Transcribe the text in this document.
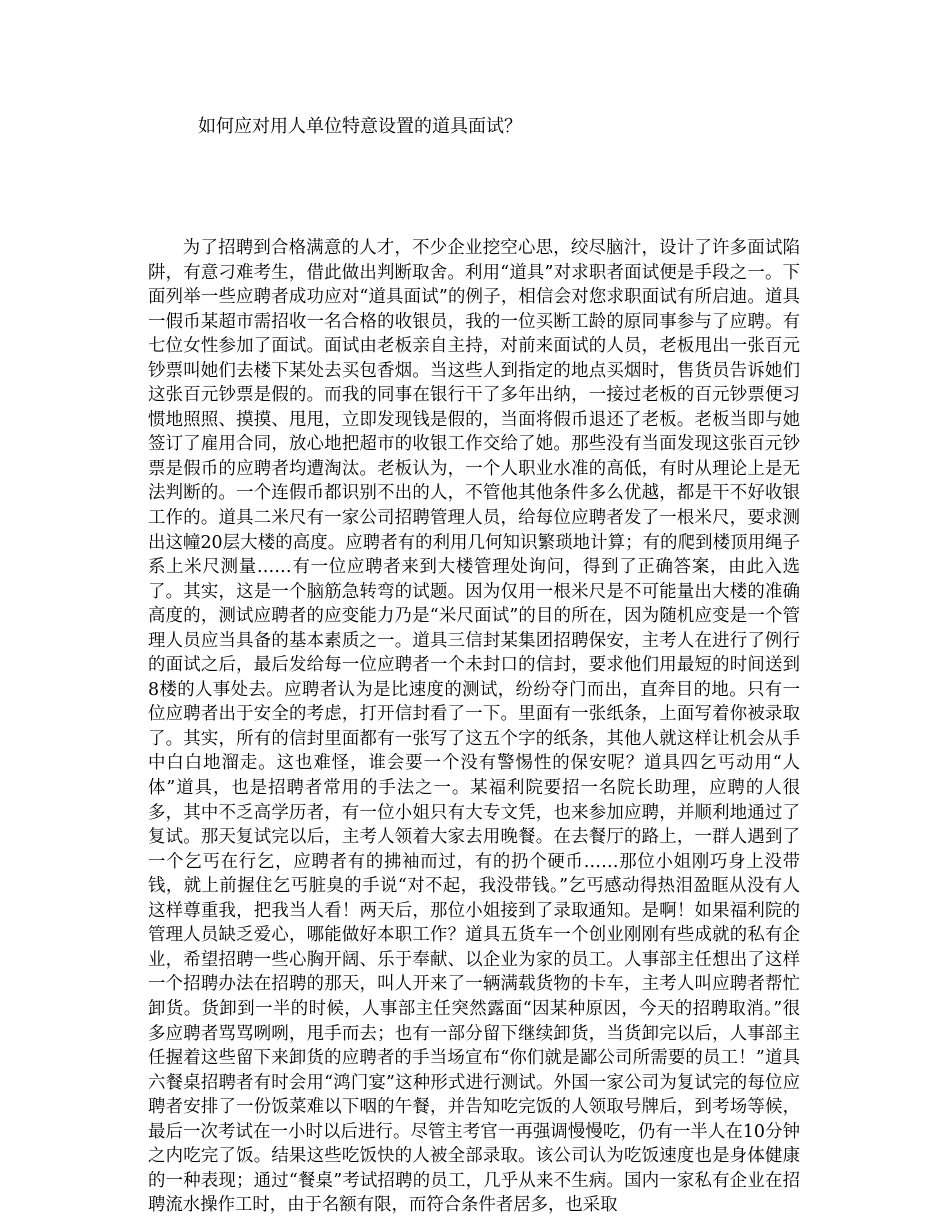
如何应对用人单位特意设置的道具面试？

为了招聘到合格满意的人才，不少企业挖空心思，绞尽脑汁，设计了许多面试陷阱，有意刁难考生，借此做出判断取舍。利用“道具”对求职者面试便是手段之一。下面列举一些应聘者成功应对“道具面试”的例子，相信会对您求职面试有所启迪。道具一假币某超市需招收一名合格的收银员，我的一位买断工龄的原同事参与了应聘。有七位女性参加了面试。面试由老板亲自主持，对前来面试的人员，老板甩出一张百元钞票叫她们去楼下某处去买包香烟。当这些人到指定的地点买烟时，售货员告诉她们这张百元钞票是假的。而我的同事在银行干了多年出纳，一接过老板的百元钞票便习惯地照照、摸摸、甩甩，立即发现钱是假的，当面将假币退还了老板。老板当即与她签订了雇用合同，放心地把超市的收银工作交给了她。那些没有当面发现这张百元钞票是假币的应聘者均遭淘汰。老板认为，一个人职业水准的高低，有时从理论上是无法判断的。一个连假币都识别不出的人，不管他其他条件多么优越，都是干不好收银工作的。道具二米尺有一家公司招聘管理人员，给每位应聘者发了一根米尺，要求测出这幢20层大楼的高度。应聘者有的利用几何知识繁琐地计算；有的爬到楼顶用绳子系上米尺测量……有一位应聘者来到大楼管理处询问，得到了正确答案，由此入选了。其实，这是一个脑筋急转弯的试题。因为仅用一根米尺是不可能量出大楼的准确高度的，测试应聘者的应变能力乃是“米尺面试”的目的所在，因为随机应变是一个管理人员应当具备的基本素质之一。道具三信封某集团招聘保安，主考人在进行了例行的面试之后，最后发给每一位应聘者一个未封口的信封，要求他们用最短的时间送到8楼的人事处去。应聘者认为是比速度的测试，纷纷夺门而出，直奔目的地。只有一位应聘者出于安全的考虑，打开信封看了一下。里面有一张纸条，上面写着你被录取了。其实，所有的信封里面都有一张写了这五个字的纸条，其他人就这样让机会从手中白白地溜走。这也难怪，谁会要一个没有警惕性的保安呢？道具四乞丐动用“人体”道具，也是招聘者常用的手法之一。某福利院要招一名院长助理，应聘的人很多，其中不乏高学历者，有一位小姐只有大专文凭，也来参加应聘，并顺利地通过了复试。那天复试完以后，主考人领着大家去用晚餐。在去餐厅的路上，一群人遇到了一个乞丐在行乞，应聘者有的拂袖而过，有的扔个硬币……那位小姐刚巧身上没带钱，就上前握住乞丐脏臭的手说“对不起，我没带钱。”乞丐感动得热泪盈眶从没有人这样尊重我，把我当人看！两天后，那位小姐接到了录取通知。是啊！如果福利院的管理人员缺乏爱心，哪能做好本职工作？道具五货车一个创业刚刚有些成就的私有企业，希望招聘一些心胸开阔、乐于奉献、以企业为家的员工。人事部主任想出了这样一个招聘办法在招聘的那天，叫人开来了一辆满载货物的卡车，主考人叫应聘者帮忙卸货。货卸到一半的时候，人事部主任突然露面“因某种原因，今天的招聘取消。”很多应聘者骂骂咧咧，甩手而去；也有一部分留下继续卸货，当货卸完以后，人事部主任握着这些留下来卸货的应聘者的手当场宣布“你们就是鄙公司所需要的员工！”道具六餐桌招聘者有时会用“鸿门宴”这种形式进行测试。外国一家公司为复试完的每位应聘者安排了一份饭菜难以下咽的午餐，并告知吃完饭的人领取号牌后，到考场等候，最后一次考试在一小时以后进行。尽管主考官一再强调慢慢吃，仍有一半人在10分钟之内吃完了饭。结果这些吃饭快的人被全部录取。该公司认为吃饭速度也是身体健康的一种表现；通过“餐桌”考试招聘的员工，几乎从来不生病。国内一家私有企业在招聘流水操作工时，由于名额有限，而符合条件者居多，也采取
